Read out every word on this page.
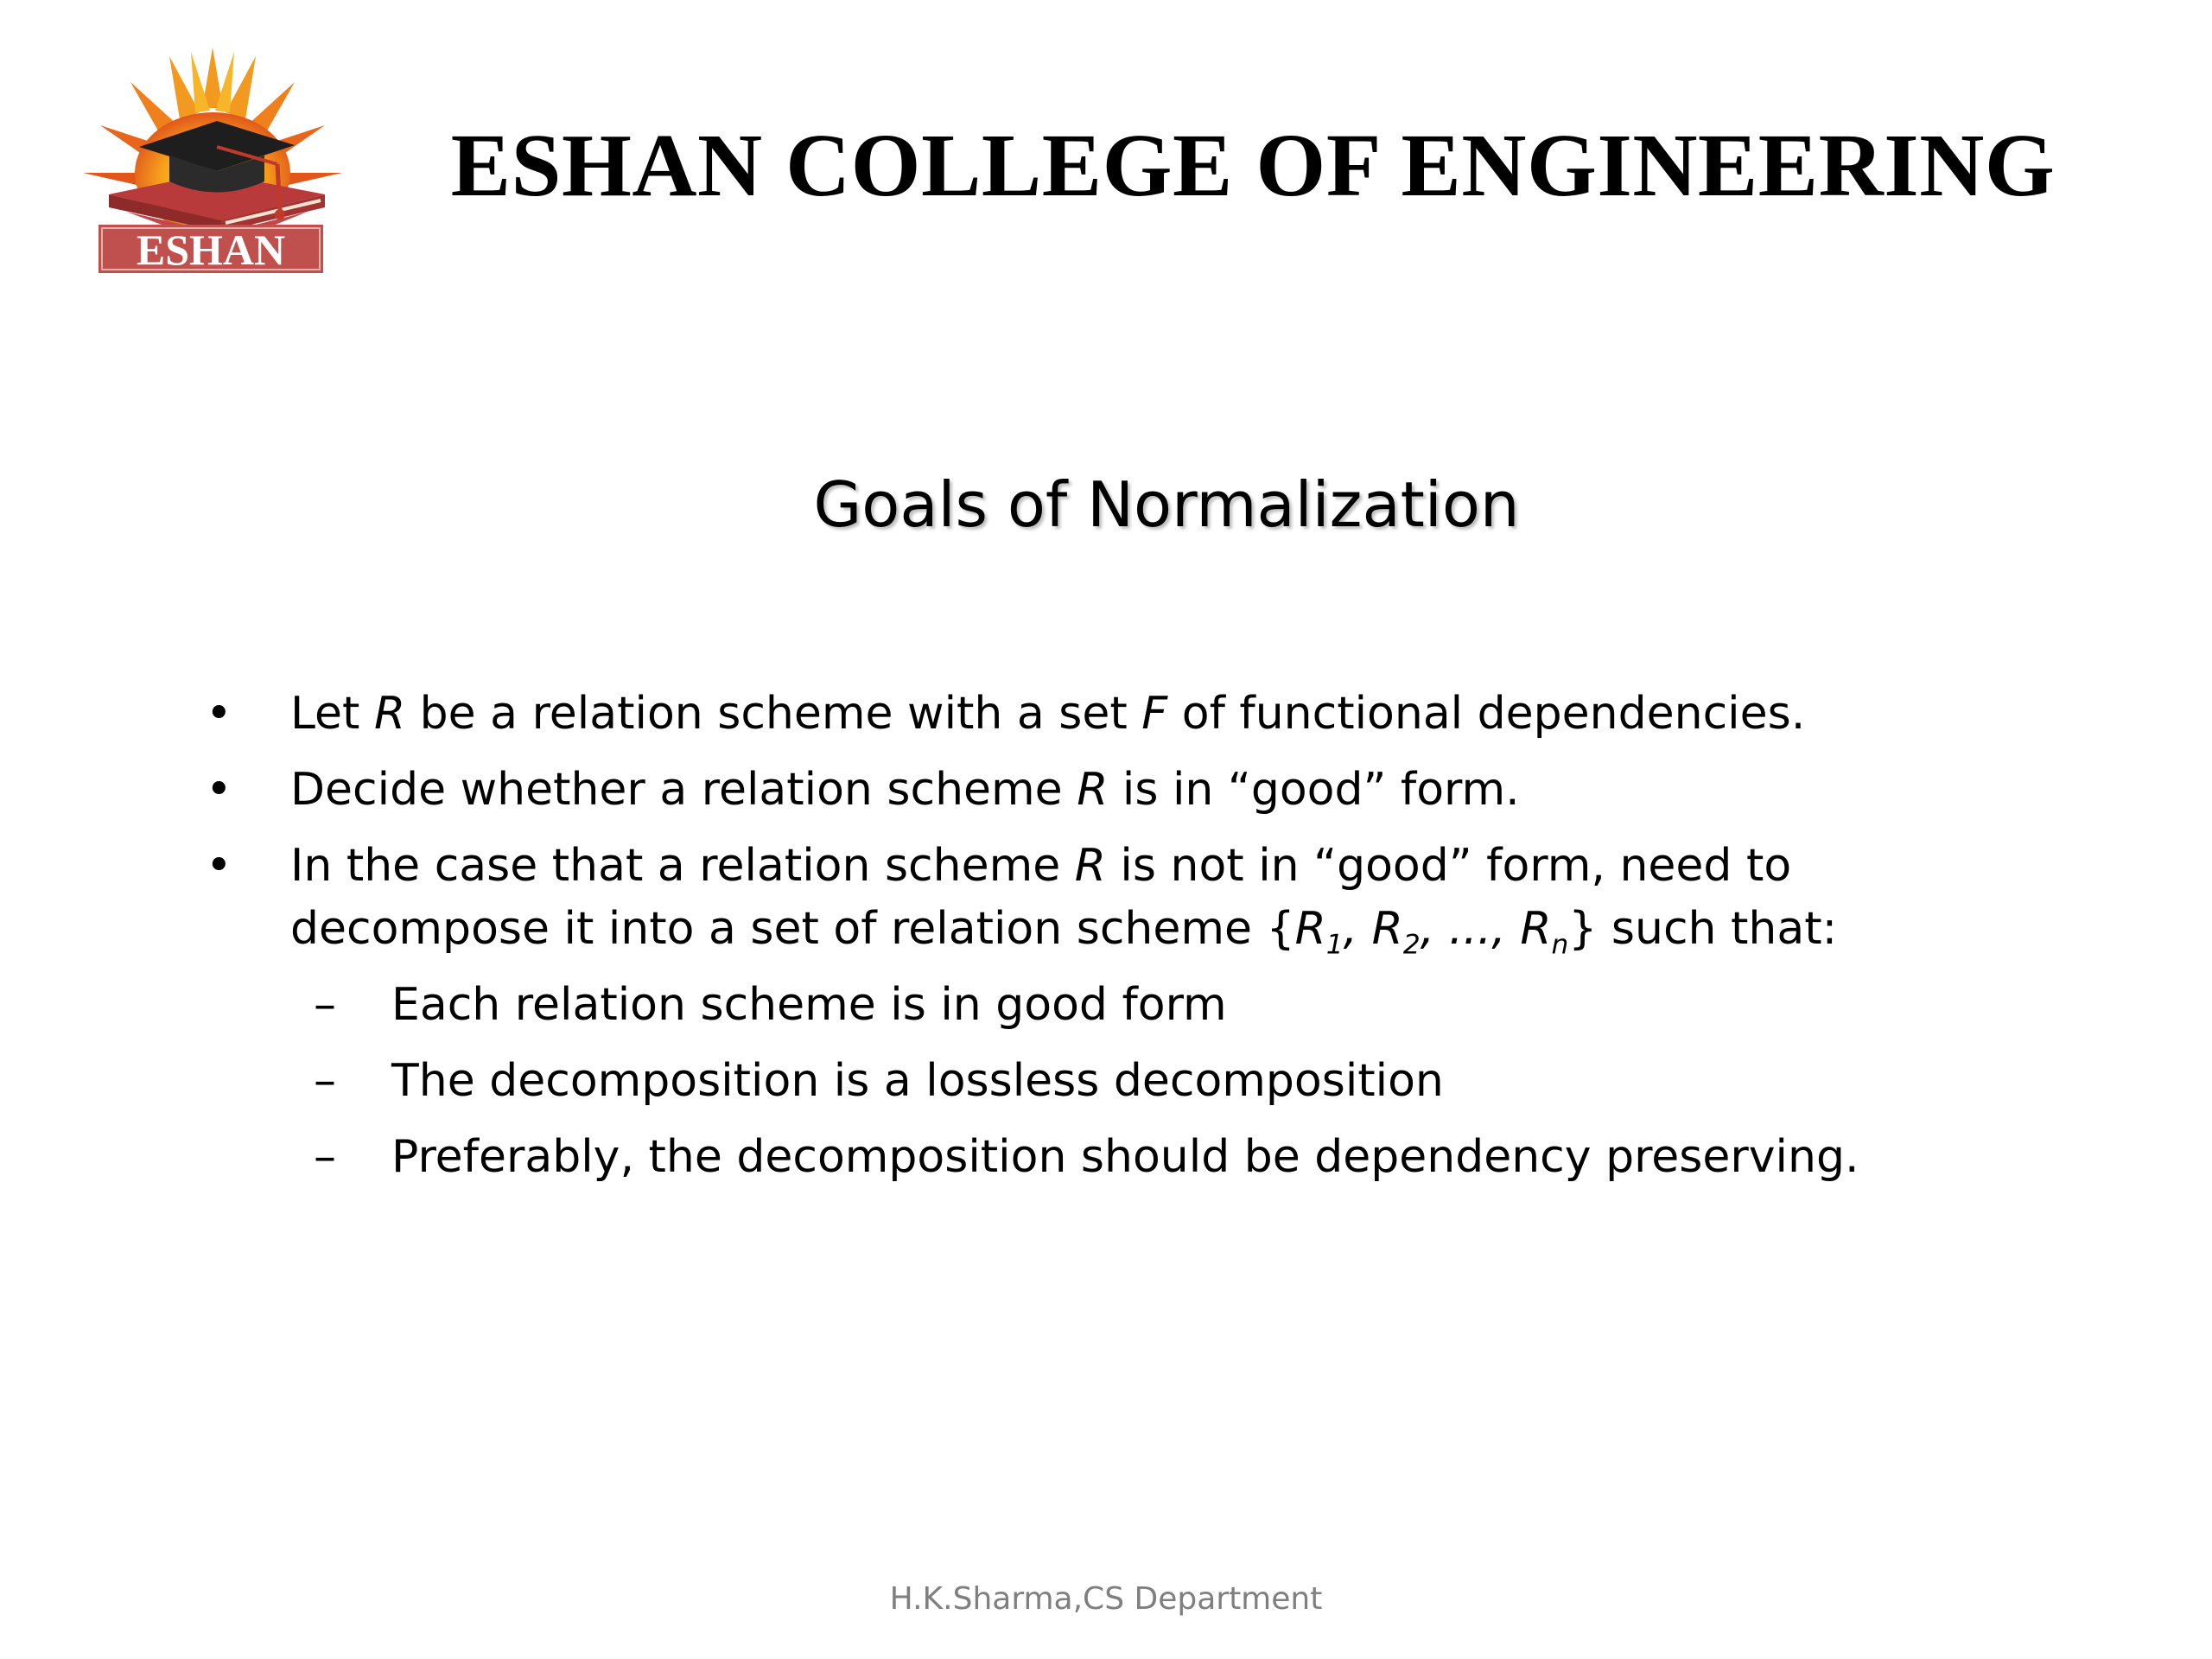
ESHAN
ESHAN COLLEGE OF ENGINEERING
Goals of Normalization
• Let R be a relation scheme with a set F of functional dependencies.
• Decide whether a relation scheme R is in “good” form.
• In the case that a relation scheme R is not in “good” form, need to
decompose it into a set of relation scheme {$R_1$, $R_2$, ..., $R_n$} such that:
– Each relation scheme is in good form
– The decomposition is a lossless decomposition
– Preferably, the decomposition should be dependency preserving.
H.K.Sharma,CS Department
